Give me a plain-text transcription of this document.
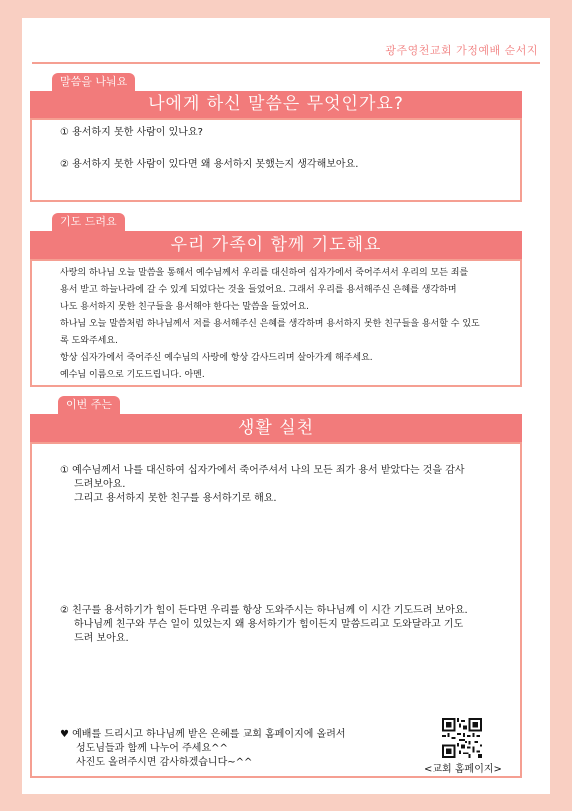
광주영천교회 가정예배 순서지
말씀을 나눠요
나에게 하신 말씀은 무엇인가요?
① 용서하지 못한 사람이 있나요?
② 용서하지 못한 사람이 있다면 왜 용서하지 못했는지 생각해보아요.
기도 드려요
우리 가족이 함께 기도해요
사랑의 하나님 오늘 말씀을 통해서 예수님께서 우리를 대신하여 십자가에서 죽어주셔서 우리의 모든 죄를
용서 받고 하늘나라에 갈 수 있게 되었다는 것을 들었어요. 그래서 우리를 용서해주신 은혜를 생각하며
나도 용서하지 못한 친구들을 용서해야 한다는 말씀을 들었어요.
하나님 오늘 말씀처럼 하나님께서 저를 용서해주신 은혜를 생각하며 용서하지 못한 친구들을 용서할 수 있도
록 도와주세요.
항상 십자가에서 죽어주신 예수님의 사랑에 항상 감사드리며 살아가게 해주세요.
예수님 이름으로 기도드립니다. 아멘.
이번 주는
생활 실천
① 예수님께서 나를 대신하여 십자가에서 죽어주셔서 나의 모든 죄가 용서 받았다는 것을 감사
드려보아요.
그리고 용서하지 못한 친구를 용서하기로 해요.
② 친구를 용서하기가 힘이 든다면 우리를 항상 도와주시는 하나님께 이 시간 기도드려 보아요.
하나님께 친구와 무슨 일이 있었는지 왜 용서하기가 힘이든지 말씀드리고 도와달라고 기도
드려 보아요.
♥ 예배를 드리시고 하나님께 받은 은혜를 교회 홈페이지에 올려서
성도님들과 함께 나누어 주세요^^
사진도 올려주시면 감사하겠습니다~^^
<교회 홈페이지>
